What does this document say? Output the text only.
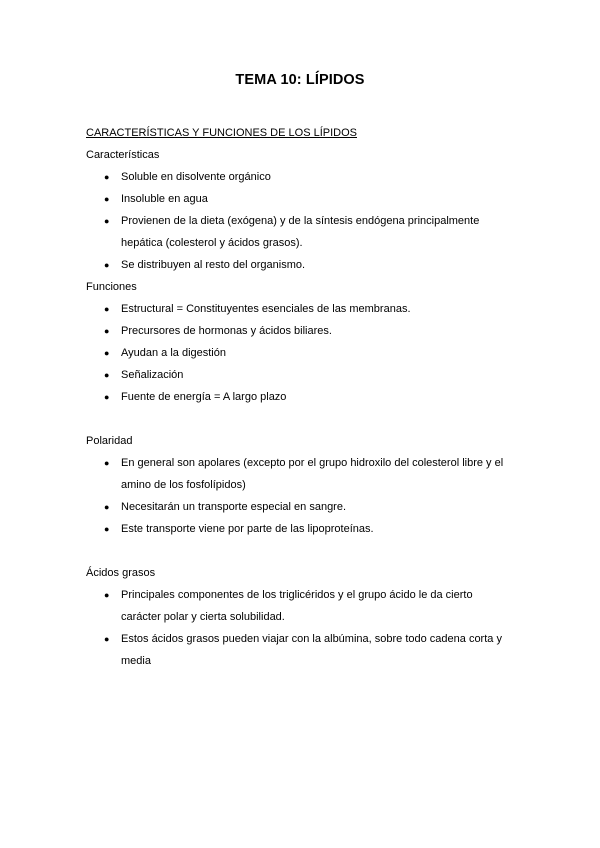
TEMA 10: LÍPIDOS

CARACTERÍSTICAS Y FUNCIONES DE LOS LÍPIDOS

Características

● Soluble en disolvente orgánico
● Insoluble en agua
● Provienen de la dieta (exógena) y de la síntesis endógena principalmente
hepática (colesterol y ácidos grasos).
● Se distribuyen al resto del organismo.

Funciones

● Estructural = Constituyentes esenciales de las membranas.
● Precursores de hormonas y ácidos biliares.
● Ayudan a la digestión
● Señalización
● Fuente de energía = A largo plazo

Polaridad

● En general son apolares (excepto por el grupo hidroxilo del colesterol libre y el
amino de los fosfolípidos)
● Necesitarán un transporte especial en sangre.
● Este transporte viene por parte de las lipoproteínas.

Ácidos grasos

● Principales componentes de los triglicéridos y el grupo ácido le da cierto
carácter polar y cierta solubilidad.
● Estos ácidos grasos pueden viajar con la albúmina, sobre todo cadena corta y
media
